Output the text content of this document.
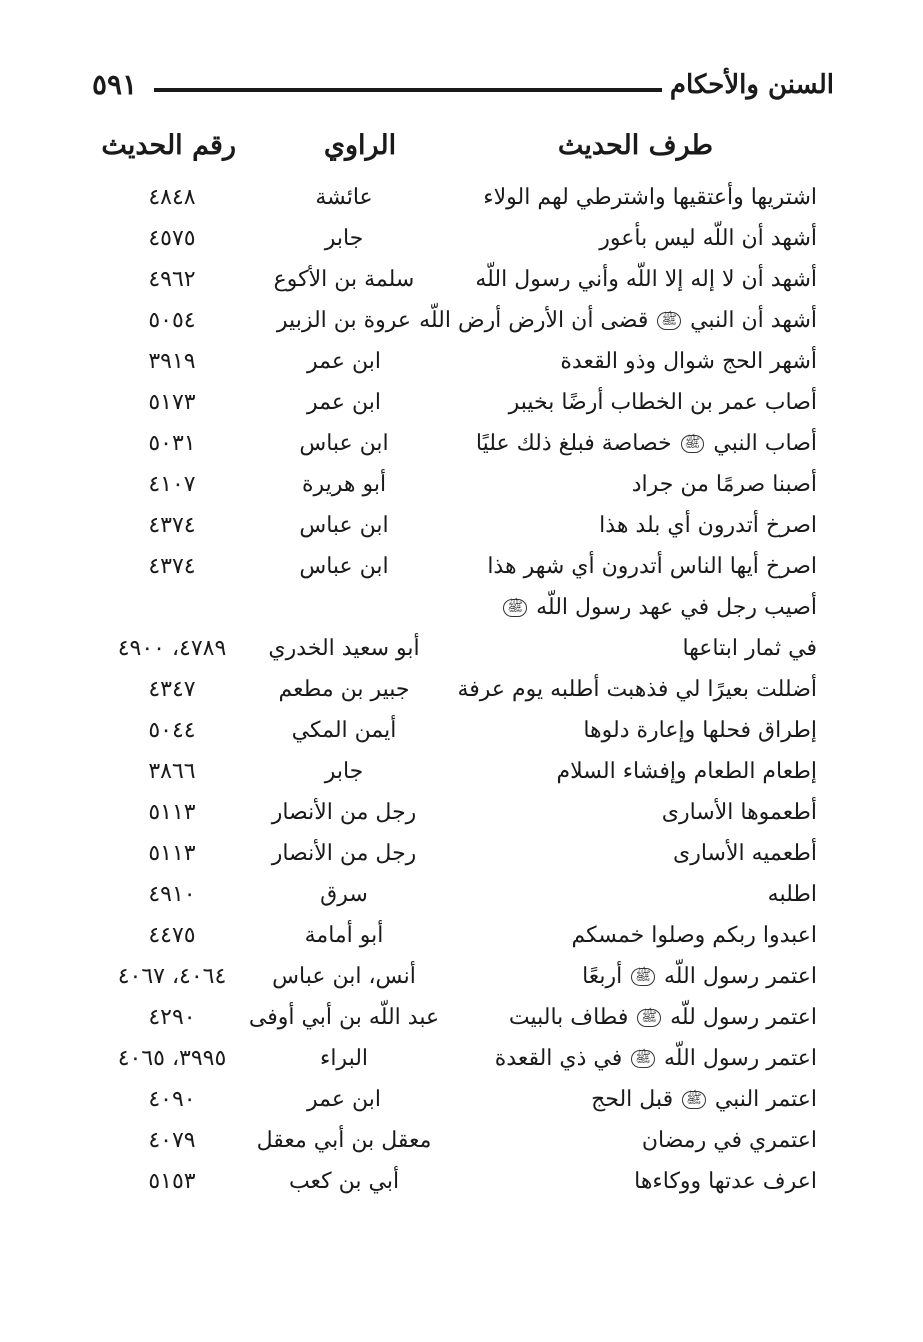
السنن والأحكام
٥٩١
طرف الحديث
الراوي
رقم الحديث
اشتريها وأعتقيها واشترطي لهم الولاء
عائشة
٤٨٤٨
أشهد أن اللّه ليس بأعور
جابر
٤٥٧٥
أشهد أن لا إله إلا اللّه وأني رسول اللّه
سلمة بن الأكوع
٤٩٦٢
أشهد أن النبي ﷺ قضى أن الأرض أرض اللّه
عروة بن الزبير
٥٠٥٤
أشهر الحج شوال وذو القعدة
ابن عمر
٣٩١٩
أصاب عمر بن الخطاب أرضًا بخيبر
ابن عمر
٥١٧٣
أصاب النبي ﷺ خصاصة فبلغ ذلك عليًا
ابن عباس
٥٠٣١
أصبنا صرمًا من جراد
أبو هريرة
٤١٠٧
اصرخ أتدرون أي بلد هذا
ابن عباس
٤٣٧٤
اصرخ أيها الناس أتدرون أي شهر هذا
ابن عباس
٤٣٧٤
أصيب رجل في عهد رسول اللّه ﷺ
في ثمار ابتاعها
أبو سعيد الخدري
٤٧٨٩، ٤٩٠٠
أضللت بعيرًا لي فذهبت أطلبه يوم عرفة
جبير بن مطعم
٤٣٤٧
إطراق فحلها وإعارة دلوها
أيمن المكي
٥٠٤٤
إطعام الطعام وإفشاء السلام
جابر
٣٨٦٦
أطعموها الأسارى
رجل من الأنصار
٥١١٣
أطعميه الأسارى
رجل من الأنصار
٥١١٣
اطلبه
سرق
٤٩١٠
اعبدوا ربكم وصلوا خمسكم
أبو أمامة
٤٤٧٥
اعتمر رسول اللّه ﷺ أربعًا
أنس، ابن عباس
٤٠٦٤، ٤٠٦٧
اعتمر رسول للّه ﷺ فطاف بالبيت
عبد اللّه بن أبي أوفى
٤٢٩٠
اعتمر رسول اللّه ﷺ في ذي القعدة
البراء
٣٩٩٥، ٤٠٦٥
اعتمر النبي ﷺ قبل الحج
ابن عمر
٤٠٩٠
اعتمري في رمضان
معقل بن أبي معقل
٤٠٧٩
اعرف عدتها ووكاءها
أبي بن كعب
٥١٥٣
